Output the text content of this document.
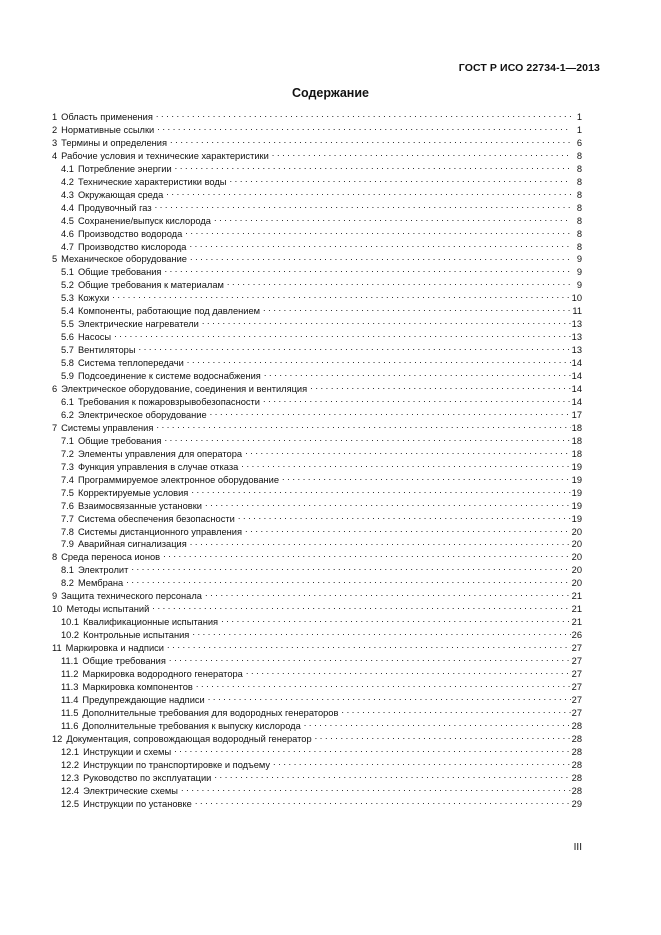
ГОСТ Р ИСО 22734-1—2013
Содержание
1 Область применения . . .	1
2 Нормативные ссылки . . .	1
3 Термины и определения . . .	6
4 Рабочие условия и технические характеристики . . .	8
4.1 Потребление энергии . . .	8
4.2 Технические характеристики воды . . .	8
4.3 Окружающая среда . . .	8
4.4 Продувочный газ . . .	8
4.5 Сохранение/выпуск кислорода . . .	8
4.6 Производство водорода . . .	8
4.7 Производство кислорода . . .	8
5 Механическое оборудование . . .	9
5.1 Общие требования . . .	9
5.2 Общие требования к материалам . . .	9
5.3 Кожухи . . .	10
5.4 Компоненты, работающие под давлением . . .	11
5.5 Электрические нагреватели . . .	13
5.6 Насосы . . .	13
5.7 Вентиляторы . . .	13
5.8 Система теплопередачи . . .	14
5.9 Подсоединение к системе водоснабжения . . .	14
6 Электрическое оборудование, соединения и вентиляция . . .	14
6.1 Требования к пожаровзрывобезопасности . . .	14
6.2 Электрическое оборудование . . .	17
7 Системы управления . . .	18
7.1 Общие требования . . .	18
7.2 Элементы управления для оператора . . .	18
7.3 Функция управления в случае отказа . . .	19
7.4 Программируемое электронное оборудование . . .	19
7.5 Корректируемые условия . . .	19
7.6 Взаимосвязанные установки . . .	19
7.7 Система обеспечения безопасности . . .	19
7.8 Системы дистанционного управления . . .	20
7.9 Аварийная сигнализация . . .	20
8 Среда переноса ионов . . .	20
8.1 Электролит . . .	20
8.2 Мембрана . . .	20
9 Защита технического персонала . . .	21
10 Методы испытаний . . .	21
10.1 Квалификационные испытания . . .	21
10.2 Контрольные испытания . . .	26
11 Маркировка и надписи . . .	27
11.1 Общие требования . . .	27
11.2 Маркировка водородного генератора . . .	27
11.3 Маркировка компонентов . . .	27
11.4 Предупреждающие надписи . . .	27
11.5 Дополнительные требования для водородных генераторов . . .	27
11.6 Дополнительные требования к выпуску кислорода . . .	28
12 Документация, сопровождающая водородный генератор . . .	28
12.1 Инструкции и схемы . . .	28
12.2 Инструкции по транспортировке и подъему . . .	28
12.3 Руководство по эксплуатации . . .	28
12.4 Электрические схемы . . .	28
12.5 Инструкции по установке . . .	29
III
